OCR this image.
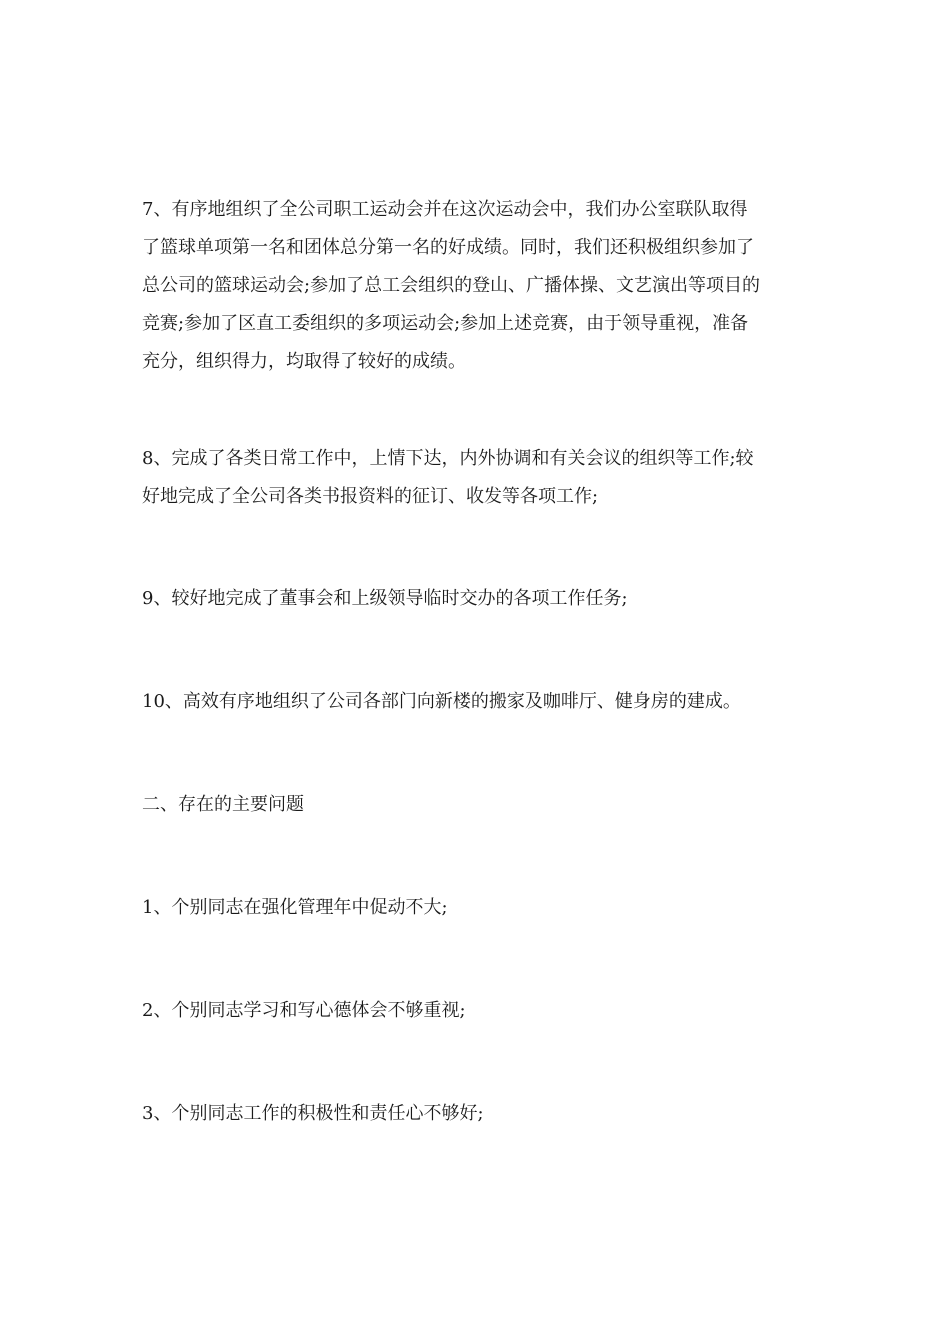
7、有序地组织了全公司职工运动会并在这次运动会中，我们办公室联队取得
了篮球单项第一名和团体总分第一名的好成绩。同时，我们还积极组织参加了
总公司的篮球运动会;参加了总工会组织的登山、广播体操、文艺演出等项目的
竞赛;参加了区直工委组织的多项运动会;参加上述竞赛，由于领导重视，准备
充分，组织得力，均取得了较好的成绩。

8、完成了各类日常工作中，上情下达，内外协调和有关会议的组织等工作;较
好地完成了全公司各类书报资料的征订、收发等各项工作;

9、较好地完成了董事会和上级领导临时交办的各项工作任务;

10、高效有序地组织了公司各部门向新楼的搬家及咖啡厅、健身房的建成。

二、存在的主要问题

1、个别同志在强化管理年中促动不大;

2、个别同志学习和写心德体会不够重视;

3、个别同志工作的积极性和责任心不够好;
